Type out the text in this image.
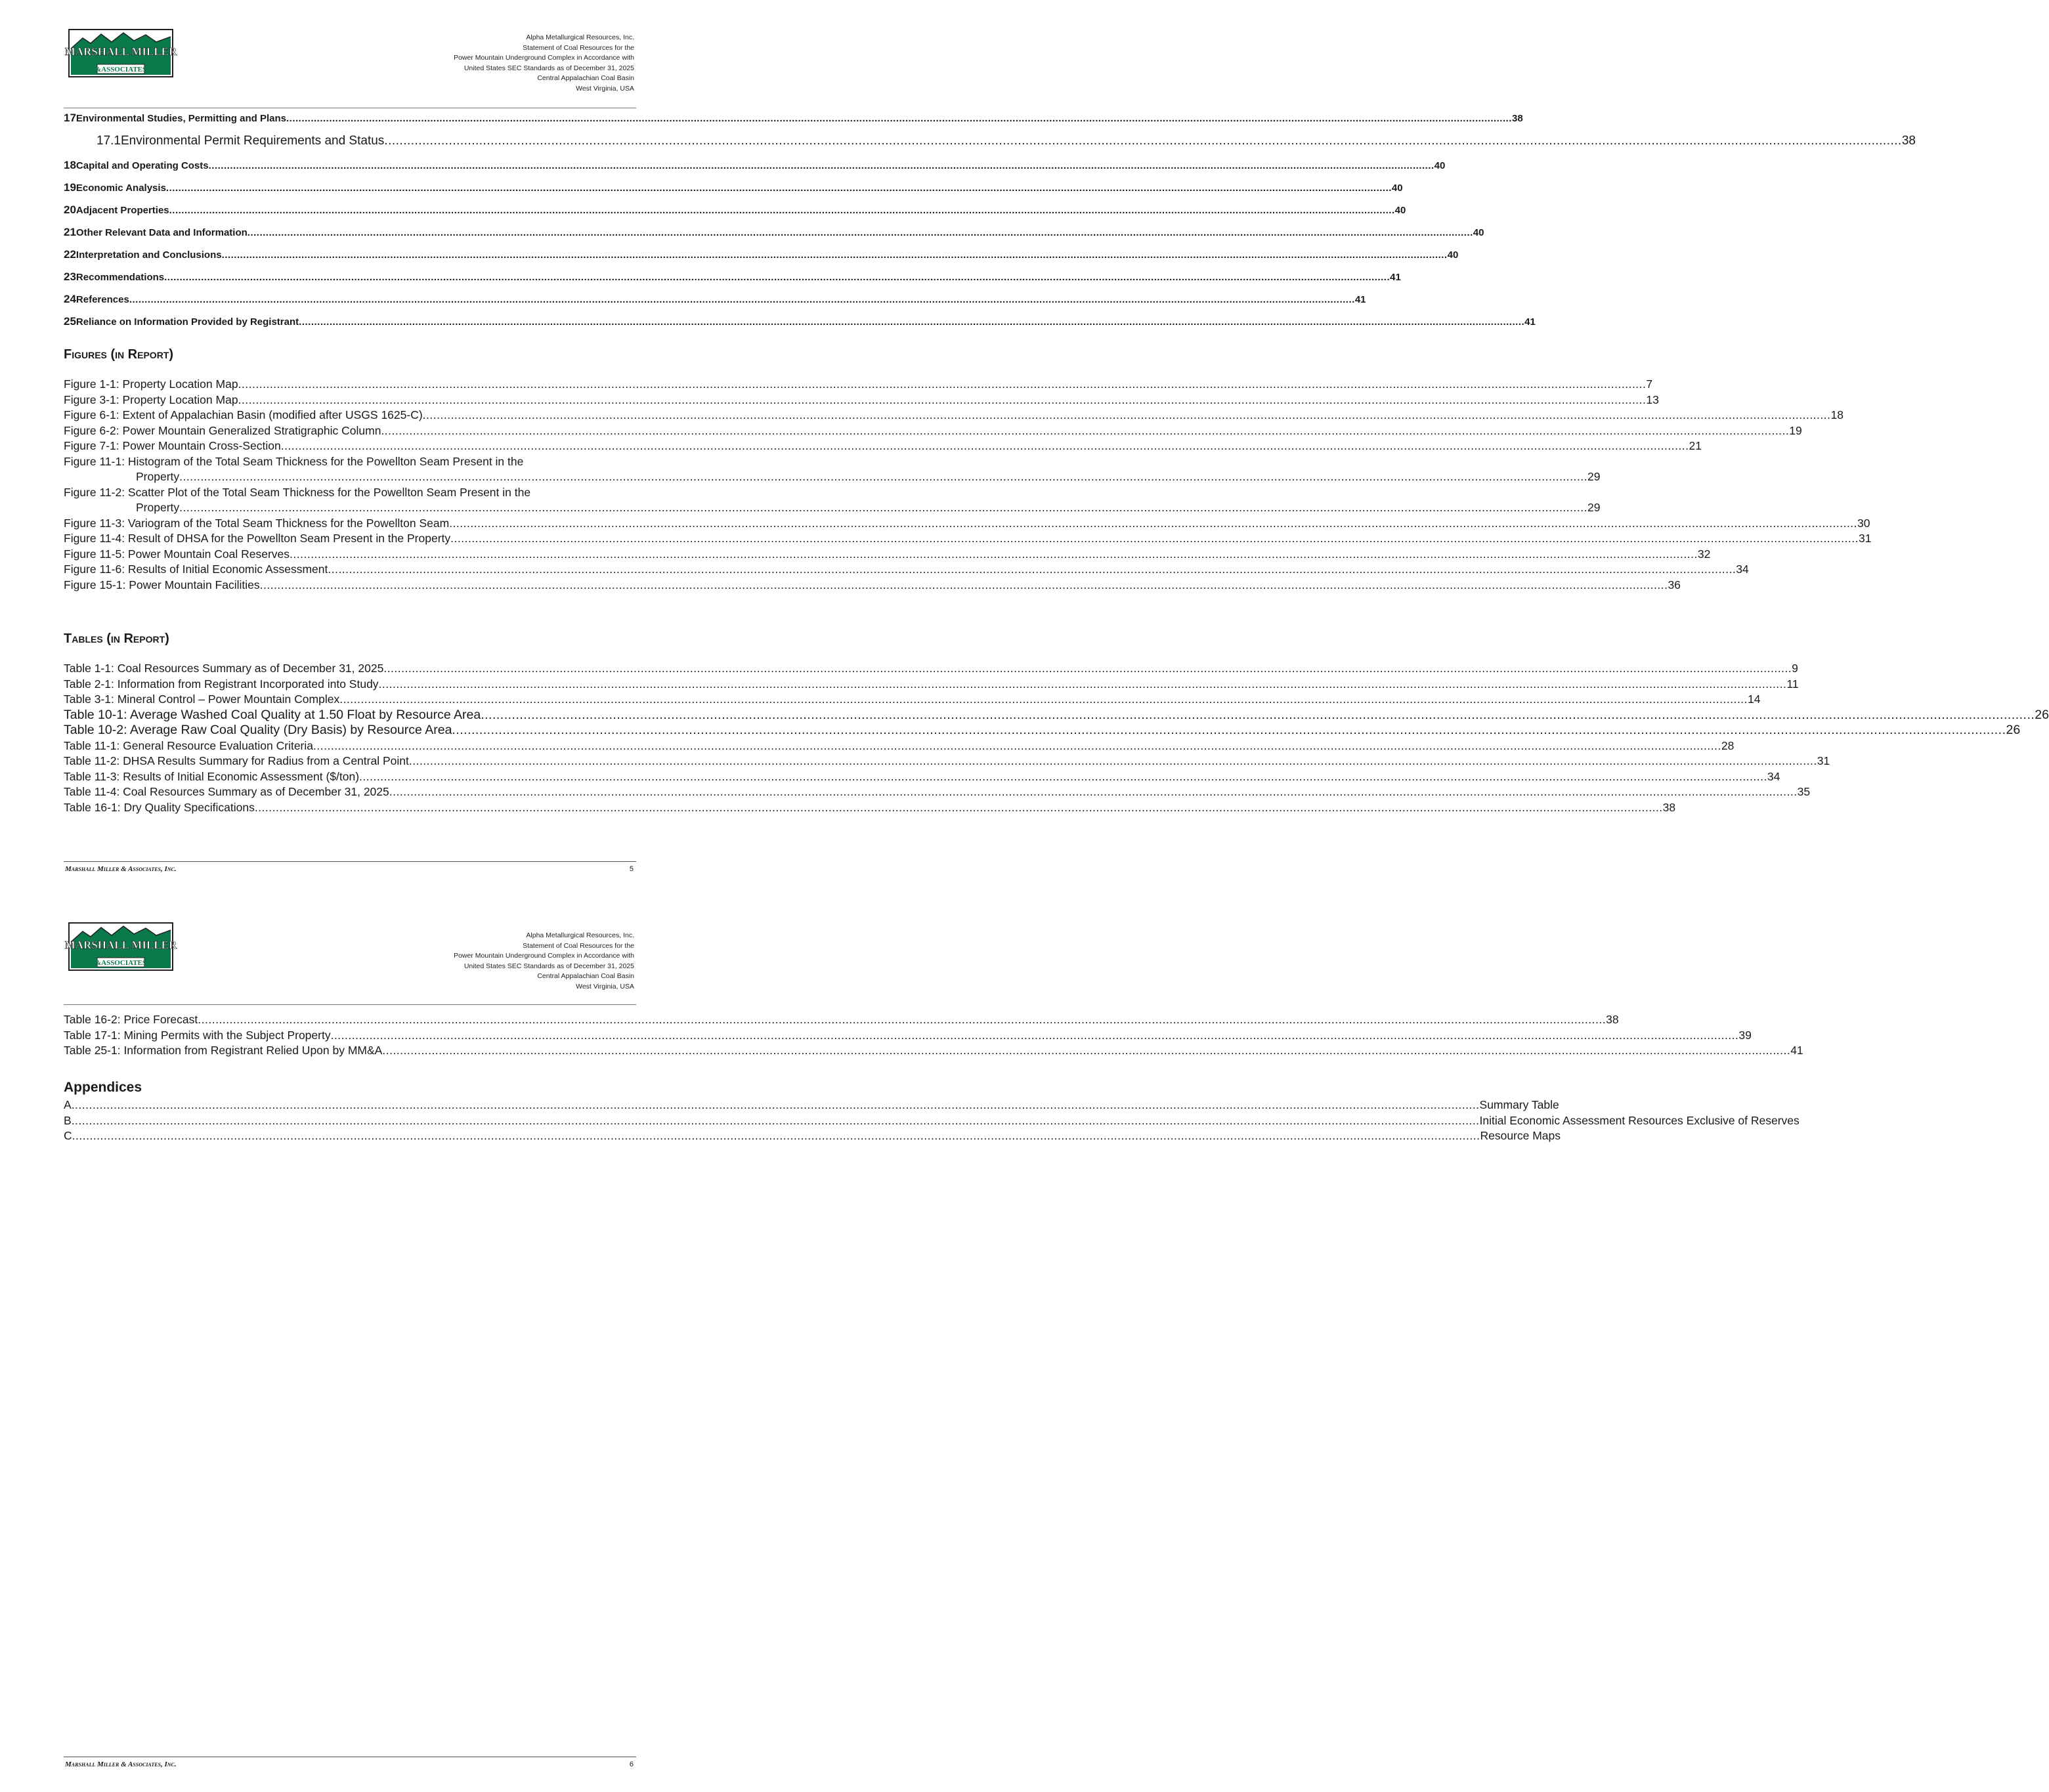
MARSHALL MILLER
&ASSOCIATES
Alpha Metallurgical Resources, Inc.
Statement of Coal Resources for the
Power Mountain Underground Complex in Accordance with
United States SEC Standards as of December 31, 2025
Central Appalachian Coal Basin
West Virginia, USA
17 Environmental Studies, Permitting and Plans ................................................................................................................................................................................................................................................................................................................................................................................................................ 38
17.1 Environmental Permit Requirements and Status ................................................................................................................................................................................................................................................................................................................................................................................................................ 38
18 Capital and Operating Costs ................................................................................................................................................................................................................................................................................................................................................................................................................ 40
19 Economic Analysis ................................................................................................................................................................................................................................................................................................................................................................................................................ 40
20 Adjacent Properties ................................................................................................................................................................................................................................................................................................................................................................................................................ 40
21 Other Relevant Data and Information ................................................................................................................................................................................................................................................................................................................................................................................................................ 40
22 Interpretation and Conclusions ................................................................................................................................................................................................................................................................................................................................................................................................................ 40
23 Recommendations ................................................................................................................................................................................................................................................................................................................................................................................................................ 41
24 References ................................................................................................................................................................................................................................................................................................................................................................................................................ 41
25 Reliance on Information Provided by Registrant ................................................................................................................................................................................................................................................................................................................................................................................................................ 41
Figures (in Report)
Figure 1-1: Property Location Map ................................................................................................................................................................................................................................................................................................................................................................................................................ 7
Figure 3-1: Property Location Map ................................................................................................................................................................................................................................................................................................................................................................................................................ 13
Figure 6-1: Extent of Appalachian Basin (modified after USGS 1625-C) ................................................................................................................................................................................................................................................................................................................................................................................................................ 18
Figure 6-2: Power Mountain Generalized Stratigraphic Column ................................................................................................................................................................................................................................................................................................................................................................................................................ 19
Figure 7-1: Power Mountain Cross-Section ................................................................................................................................................................................................................................................................................................................................................................................................................ 21
Figure 11-1: Histogram of the Total Seam Thickness for the Powellton Seam Present in the
Property ................................................................................................................................................................................................................................................................................................................................................................................................................ 29
Figure 11-2: Scatter Plot of the Total Seam Thickness for the Powellton Seam Present in the
Property ................................................................................................................................................................................................................................................................................................................................................................................................................ 29
Figure 11-3: Variogram of the Total Seam Thickness for the Powellton Seam ................................................................................................................................................................................................................................................................................................................................................................................................................ 30
Figure 11-4: Result of DHSA for the Powellton Seam Present in the Property ................................................................................................................................................................................................................................................................................................................................................................................................................ 31
Figure 11-5: Power Mountain Coal Reserves ................................................................................................................................................................................................................................................................................................................................................................................................................ 32
Figure 11-6: Results of Initial Economic Assessment ................................................................................................................................................................................................................................................................................................................................................................................................................ 34
Figure 15-1: Power Mountain Facilities ................................................................................................................................................................................................................................................................................................................................................................................................................ 36
Tables (in Report)
Table 1-1: Coal Resources Summary as of December 31, 2025 ................................................................................................................................................................................................................................................................................................................................................................................................................ 9
Table 2-1: Information from Registrant Incorporated into Study ................................................................................................................................................................................................................................................................................................................................................................................................................ 11
Table 3-1: Mineral Control – Power Mountain Complex ................................................................................................................................................................................................................................................................................................................................................................................................................ 14
Table 10-1: Average Washed Coal Quality at 1.50 Float by Resource Area ................................................................................................................................................................................................................................................................................................................................................................................................................ 26
Table 10-2: Average Raw Coal Quality (Dry Basis) by Resource Area ................................................................................................................................................................................................................................................................................................................................................................................................................ 26
Table 11-1: General Resource Evaluation Criteria ................................................................................................................................................................................................................................................................................................................................................................................................................ 28
Table 11-2: DHSA Results Summary for Radius from a Central Point ................................................................................................................................................................................................................................................................................................................................................................................................................ 31
Table 11-3: Results of Initial Economic Assessment ($/ton) ................................................................................................................................................................................................................................................................................................................................................................................................................ 34
Table 11-4: Coal Resources Summary as of December 31, 2025 ................................................................................................................................................................................................................................................................................................................................................................................................................ 35
Table 16-1: Dry Quality Specifications ................................................................................................................................................................................................................................................................................................................................................................................................................ 38
Marshall Miller & Associates, Inc.	5
MARSHALL MILLER
&ASSOCIATES
Alpha Metallurgical Resources, Inc.
Statement of Coal Resources for the
Power Mountain Underground Complex in Accordance with
United States SEC Standards as of December 31, 2025
Central Appalachian Coal Basin
West Virginia, USA
Table 16-2: Price Forecast ................................................................................................................................................................................................................................................................................................................................................................................................................ 38
Table 17-1: Mining Permits with the Subject Property ................................................................................................................................................................................................................................................................................................................................................................................................................ 39
Table 25-1: Information from Registrant Relied Upon by MM&A ................................................................................................................................................................................................................................................................................................................................................................................................................ 41
Appendices
A ................................................................................................................................................................................................................................................................................................................................................................................................................ Summary Table
B ................................................................................................................................................................................................................................................................................................................................................................................................................ Initial Economic Assessment Resources Exclusive of Reserves
C ................................................................................................................................................................................................................................................................................................................................................................................................................ Resource Maps
Marshall Miller & Associates, Inc.	6
